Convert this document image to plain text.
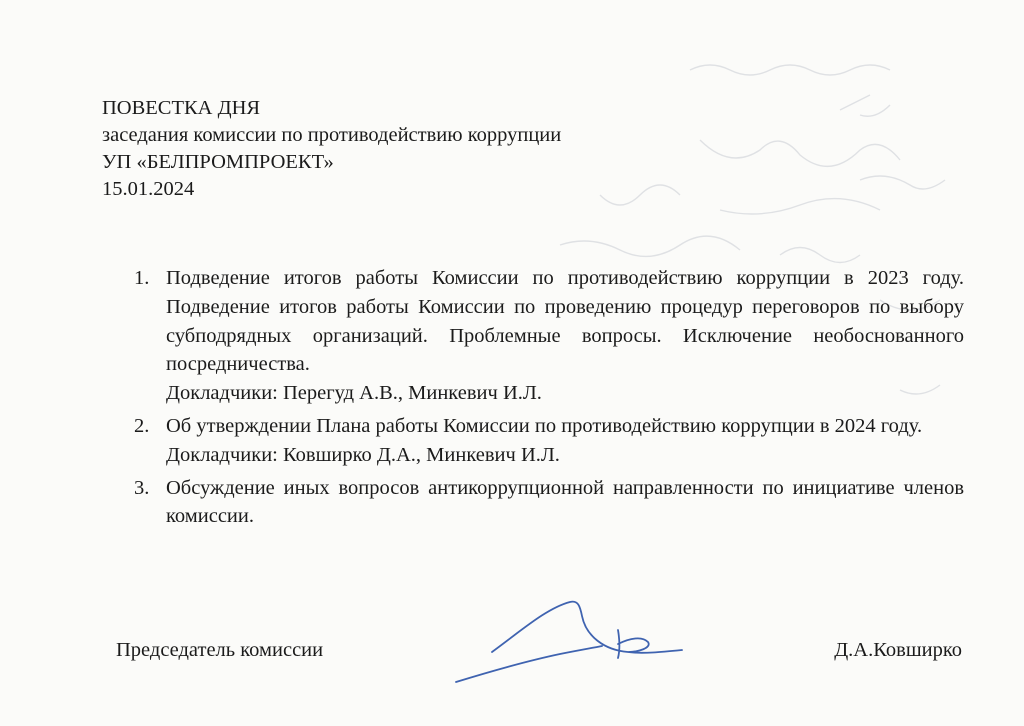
ПОВЕСТКА ДНЯ
заседания комиссии по противодействию коррупции
УП «БЕЛПРОМПРОЕКТ»
15.01.2024
1. Подведение итогов работы Комиссии по противодействию коррупции в 2023 году. Подведение итогов работы Комиссии по проведению процедур переговоров по выбору субподрядных организаций. Проблемные вопросы. Исключение необоснованного посредничества.
Докладчики: Перегуд А.В., Минкевич И.Л.
2. Об утверждении Плана работы Комиссии по противодействию коррупции в 2024 году.
Докладчики: Ковширко Д.А., Минкевич И.Л.
3. Обсуждение иных вопросов антикоррупционной направленности по инициативе членов комиссии.
Председатель комиссии	Д.А.Ковширко
